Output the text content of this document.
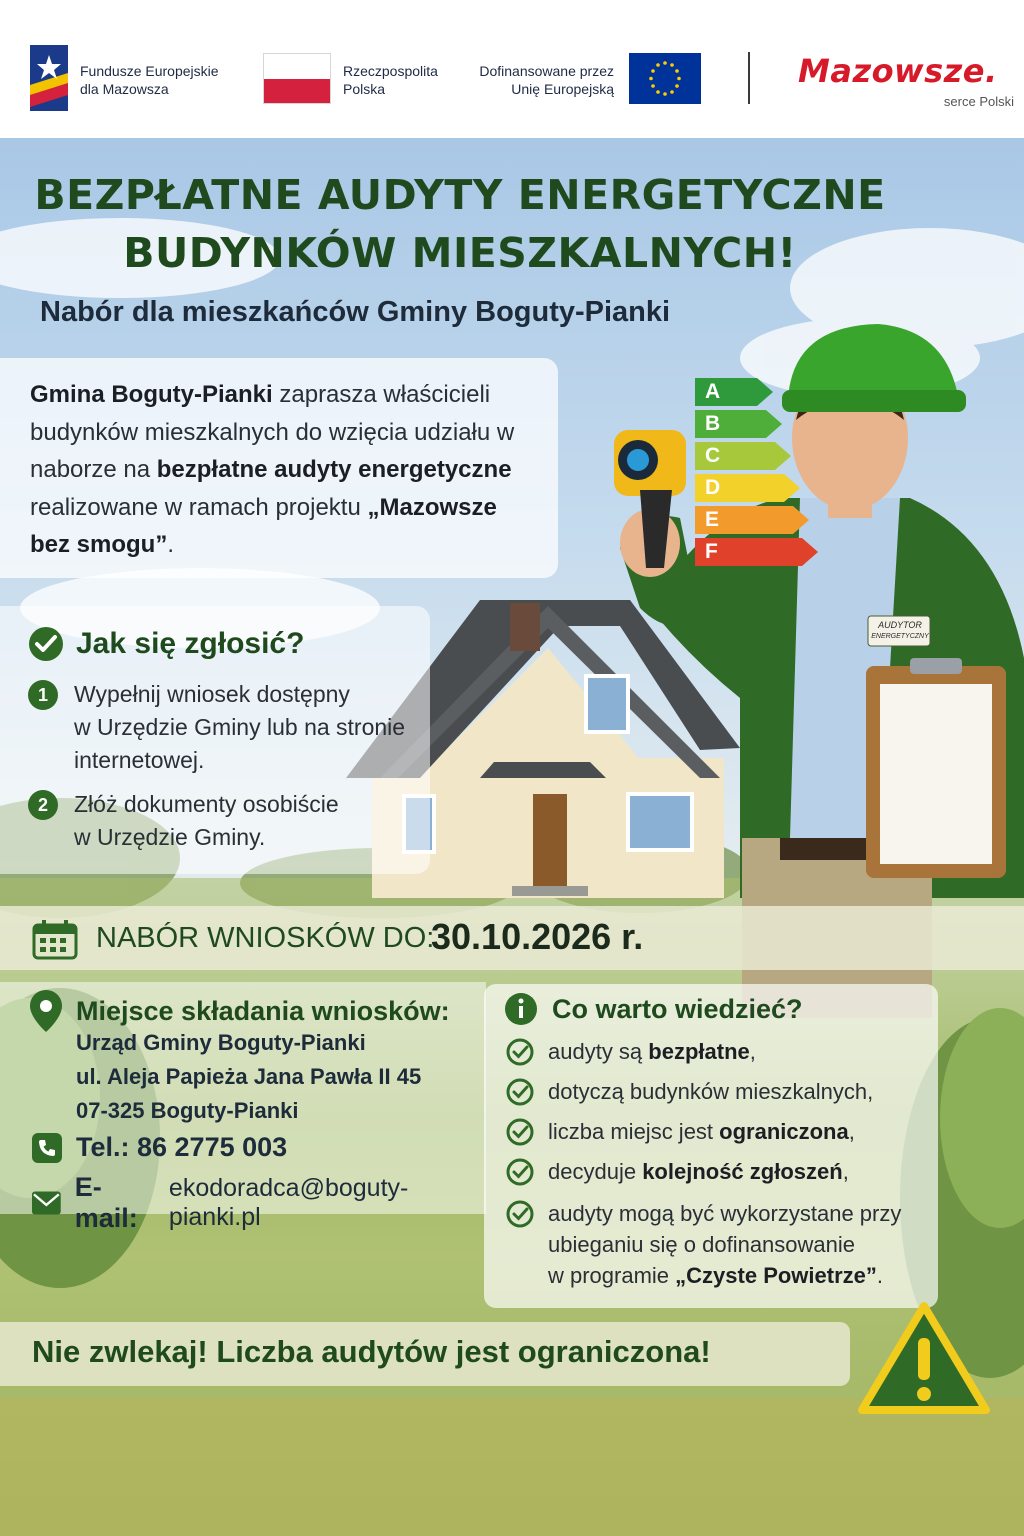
Fundusze Europejskie
dla Mazowsza
Rzeczpospolita
Polska
Dofinansowane przez
Unię Europejską	Mazowsze.
serce Polski
A
B
C
D
E
F
AUDYTOR
ENERGETYCZNY
BEZPŁATNE AUDYTY ENERGETYCZNE
BUDYNKÓW MIESZKALNYCH!
Nabór dla mieszkańców Gminy Boguty-Pianki
Gmina Boguty-Pianki zaprasza właścicieli budynków mieszkalnych do wzięcia udziału w naborze na bezpłatne audyty energetyczne realizowane w ramach projektu „Mazowsze bez smogu”.
Jak się zgłosić?
1	Wypełnij wniosek dostępny
w Urzędzie Gminy lub na stronie
internetowej.
2	Złóż dokumenty osobiście
w Urzędzie Gminy.
NABÓR WNIOSKÓW DO:
30.10.2026 r.
Miejsce składania wniosków:
Urząd Gminy Boguty-Pianki
ul. Aleja Papieża Jana Pawła II 45
07-325 Boguty-Pianki
Tel.: 86 2775 003
E-mail:
ekodoradca@boguty-pianki.pl
Co warto wiedzieć?
audyty są bezpłatne,
dotyczą budynków mieszkalnych,
liczba miejsc jest ograniczona,
decyduje kolejność zgłoszeń,
audyty mogą być wykorzystane przy
ubieganiu się o dofinansowanie
w programie „Czyste Powietrze”.
Nie zwlekaj! Liczba audytów jest ograniczona!
